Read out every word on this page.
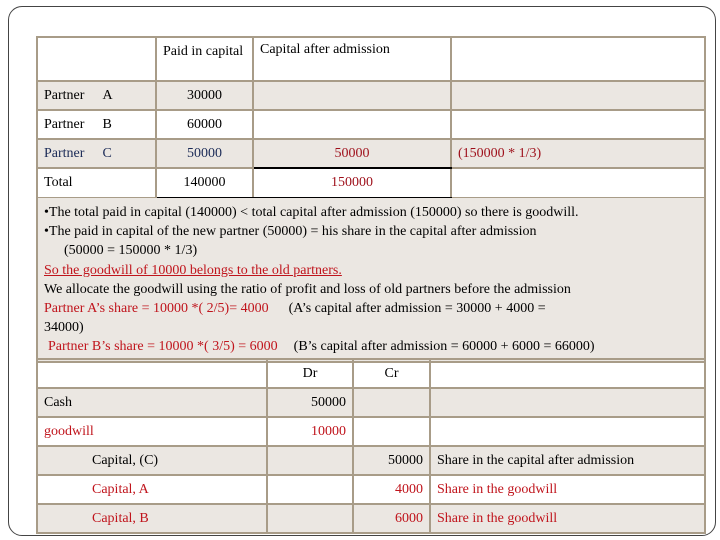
	Paid in capital	Capital after admission	
Partner A	30000		
Partner B	60000		
Partner C	50000	50000	(150000 * 1/3)
Total	140000	150000	
•The total paid in capital (140000) < total capital after admission (150000) so there is goodwill.
•The paid in capital of the new partner (50000) = his share in the capital after admission
(50000 = 150000 * 1/3)
So the goodwill of 10000 belongs to the old partners.
We allocate the goodwill using the ratio of profit and loss of old partners before the admission
Partner A’s share = 10000 *( 2/5)= 4000 (A’s capital after admission = 30000 + 4000 =
34000)
Partner B’s share = 10000 *( 3/5) = 6000 (B’s capital after admission = 60000 + 6000 = 66000)
	Dr	Cr	
Cash	50000		
goodwill	10000		
Capital, (C)		50000	Share in the capital after admission
Capital, A		4000	Share in the goodwill
Capital, B		6000	Share in the goodwill
